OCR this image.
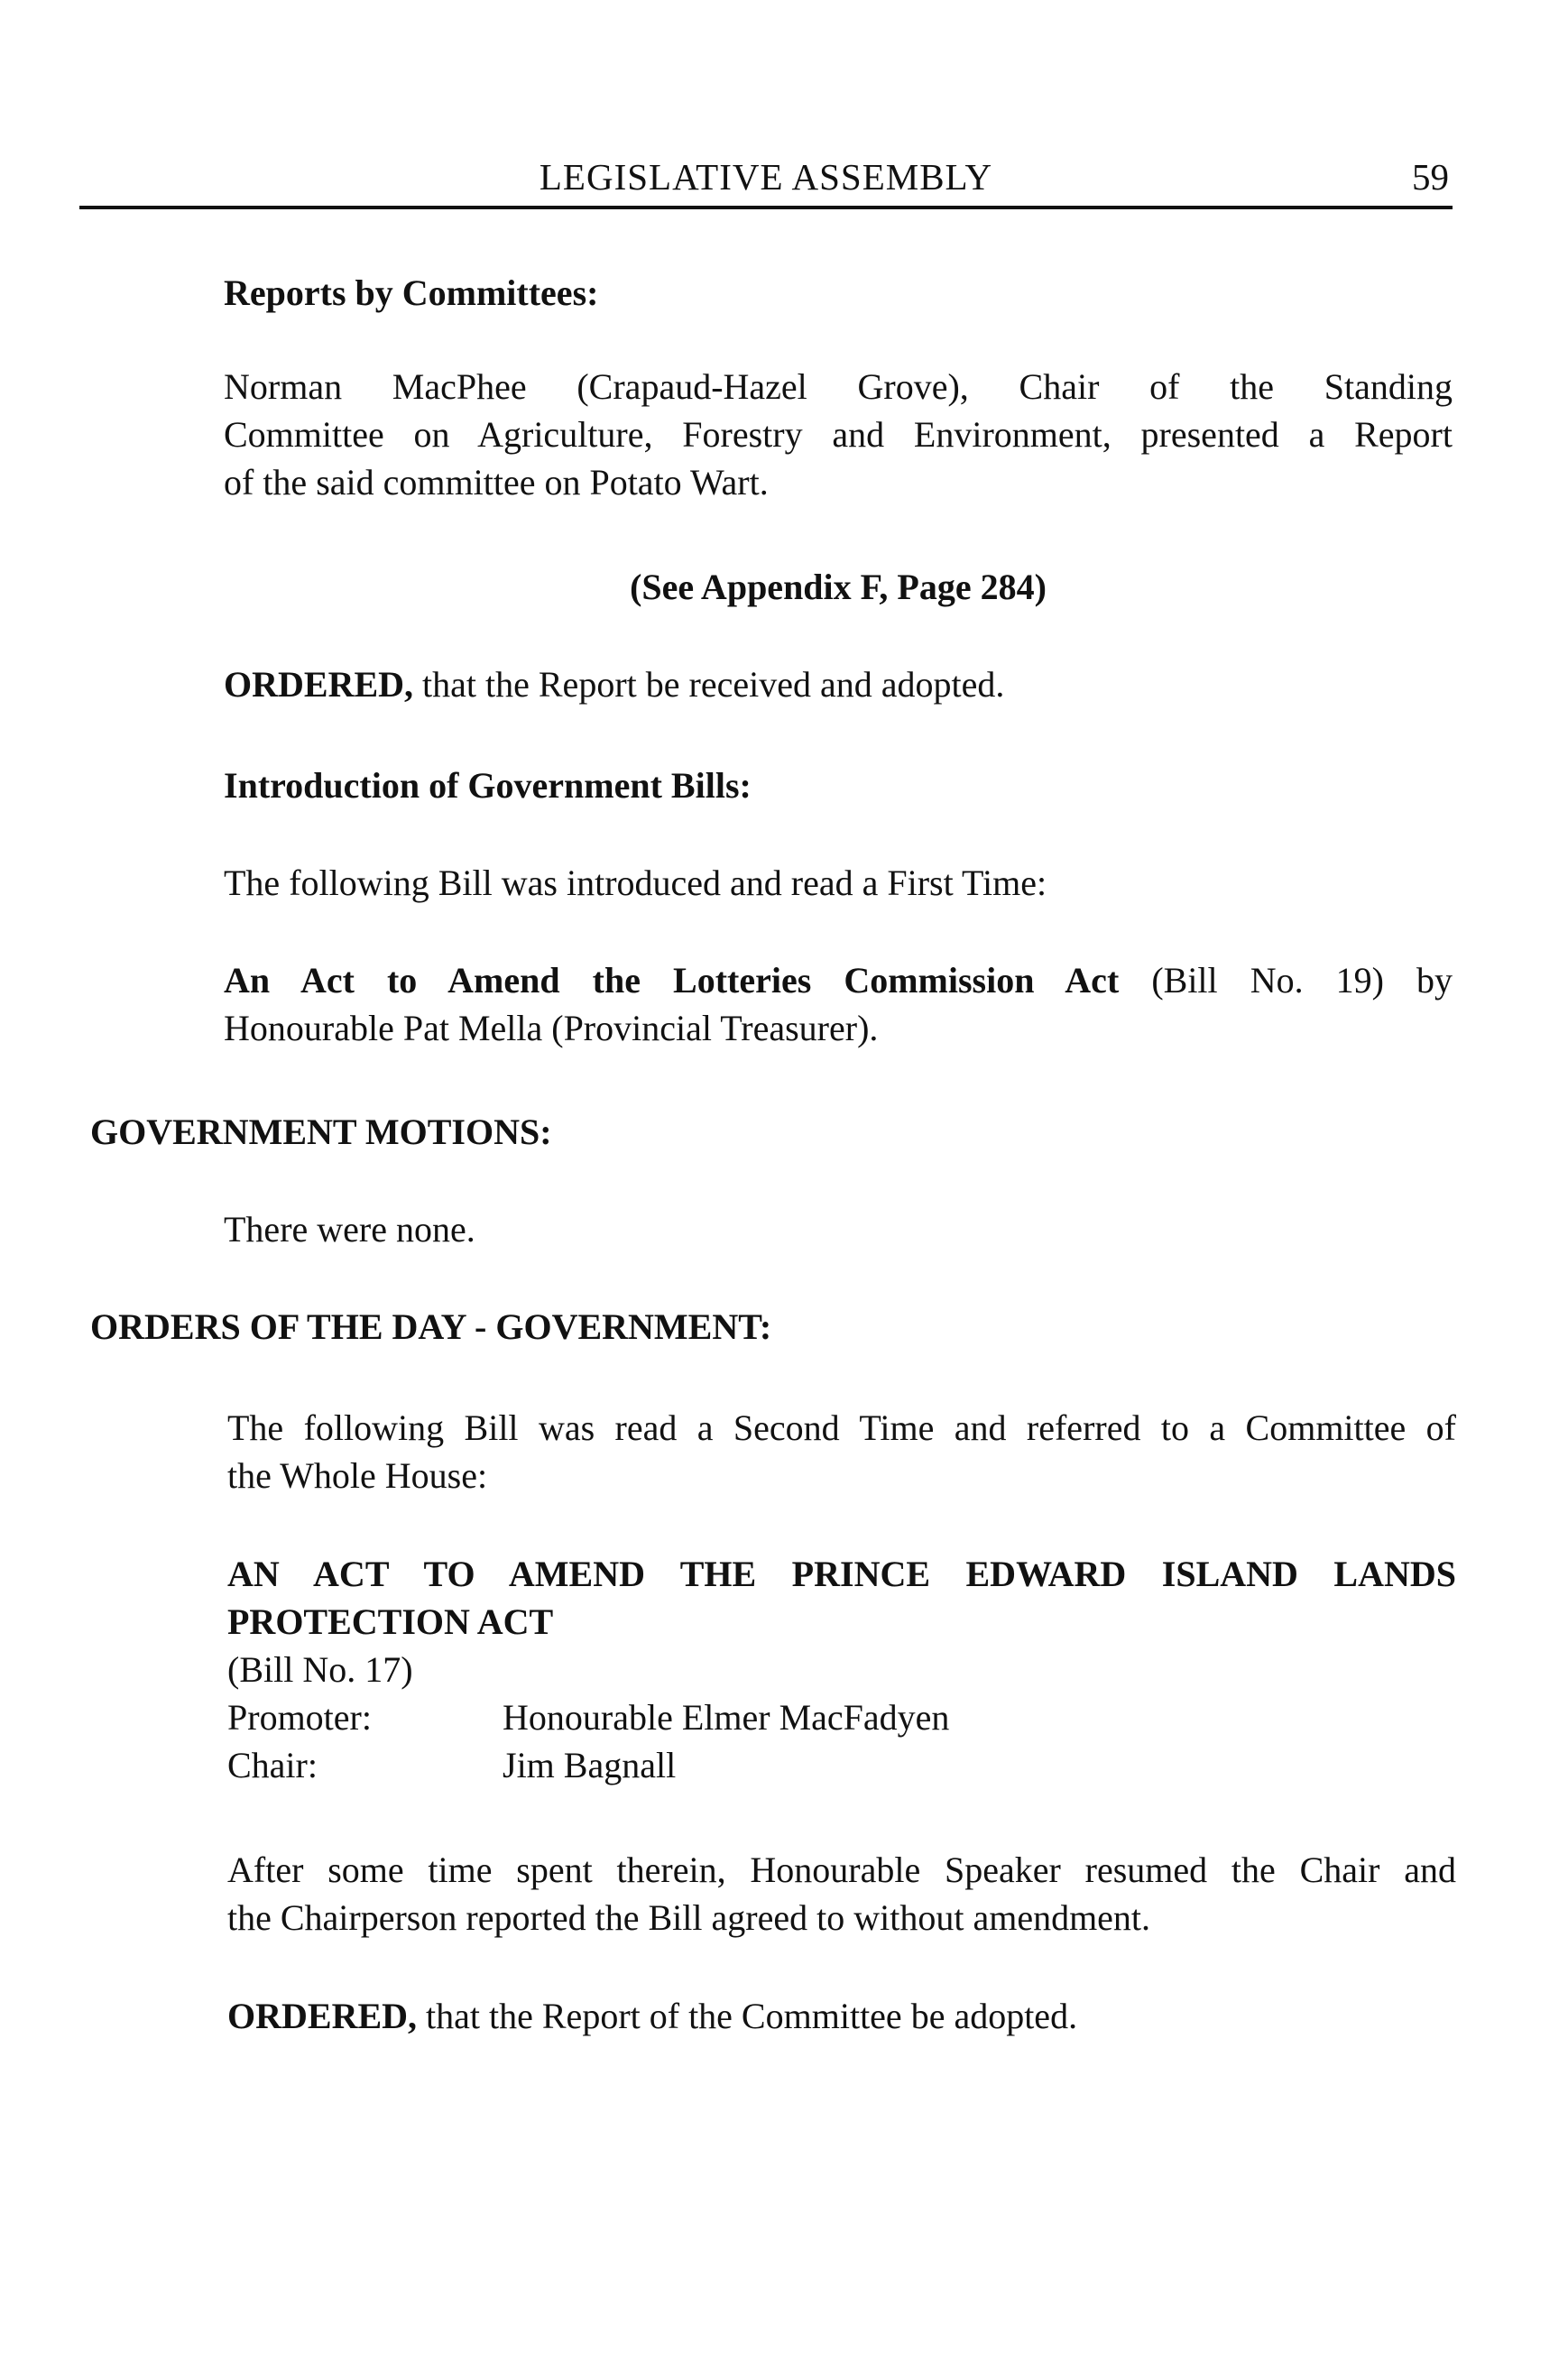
LEGISLATIVE ASSEMBLY	59
Reports by Committees:
Norman MacPhee (Crapaud-Hazel Grove), Chair of the Standing
Committee on Agriculture, Forestry and Environment, presented a Report
of the said committee on Potato Wart.
(See Appendix F, Page 284)
ORDERED, that the Report be received and adopted.
Introduction of Government Bills:
The following Bill was introduced and read a First Time:
An Act to Amend the Lotteries Commission Act (Bill No. 19) by
Honourable Pat Mella (Provincial Treasurer).
GOVERNMENT MOTIONS:
There were none.
ORDERS OF THE DAY - GOVERNMENT:
The following Bill was read a Second Time and referred to a Committee of
the Whole House:
AN ACT TO AMEND THE PRINCE EDWARD ISLAND LANDS
PROTECTION ACT
(Bill No. 17)
Promoter:	Honourable Elmer MacFadyen
Chair:	Jim Bagnall
After some time spent therein, Honourable Speaker resumed the Chair and
the Chairperson reported the Bill agreed to without amendment.
ORDERED, that the Report of the Committee be adopted.
